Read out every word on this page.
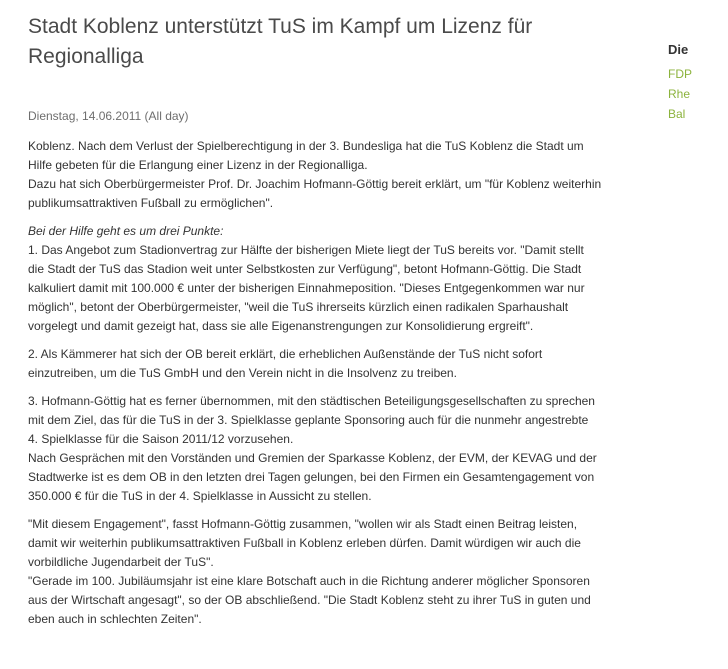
Stadt Koblenz unterstützt TuS im Kampf um Lizenz für
Regionalliga
Dienstag, 14.06.2011 (All day)

Koblenz. Nach dem Verlust der Spielberechtigung in der 3. Bundesliga hat die TuS Koblenz die Stadt um
Hilfe gebeten für die Erlangung einer Lizenz in der Regionalliga.
Dazu hat sich Oberbürgermeister Prof. Dr. Joachim Hofmann-Göttig bereit erklärt, um "für Koblenz weiterhin
publikumsattraktiven Fußball zu ermöglichen".

Bei der Hilfe geht es um drei Punkte:
1. Das Angebot zum Stadionvertrag zur Hälfte der bisherigen Miete liegt der TuS bereits vor. "Damit stellt
die Stadt der TuS das Stadion weit unter Selbstkosten zur Verfügung", betont Hofmann-Göttig. Die Stadt
kalkuliert damit mit 100.000 € unter der bisherigen Einnahmeposition. "Dieses Entgegenkommen war nur
möglich", betont der Oberbürgermeister, "weil die TuS ihrerseits kürzlich einen radikalen Sparhaushalt
vorgelegt und damit gezeigt hat, dass sie alle Eigenanstrengungen zur Konsolidierung ergreift".

2. Als Kämmerer hat sich der OB bereit erklärt, die erheblichen Außenstände der TuS nicht sofort
einzutreiben, um die TuS GmbH und den Verein nicht in die Insolvenz zu treiben.

3. Hofmann-Göttig hat es ferner übernommen, mit den städtischen Beteiligungsgesellschaften zu sprechen
mit dem Ziel, das für die TuS in der 3. Spielklasse geplante Sponsoring auch für die nunmehr angestrebte
4. Spielklasse für die Saison 2011/12 vorzusehen.
Nach Gesprächen mit den Vorständen und Gremien der Sparkasse Koblenz, der EVM, der KEVAG und der
Stadtwerke ist es dem OB in den letzten drei Tagen gelungen, bei den Firmen ein Gesamtengagement von
350.000 € für die TuS in der 4. Spielklasse in Aussicht zu stellen.

"Mit diesem Engagement", fasst Hofmann-Göttig zusammen, "wollen wir als Stadt einen Beitrag leisten,
damit wir weiterhin publikumsattraktiven Fußball in Koblenz erleben dürfen. Damit würdigen wir auch die
vorbildliche Jugendarbeit der TuS".
"Gerade im 100. Jubiläumsjahr ist eine klare Botschaft auch in die Richtung anderer möglicher Sponsoren
aus der Wirtschaft angesagt", so der OB abschließend. "Die Stadt Koblenz steht zu ihrer TuS in guten und
eben auch in schlechten Zeiten".

Die
FDP
Rhe
Bal
